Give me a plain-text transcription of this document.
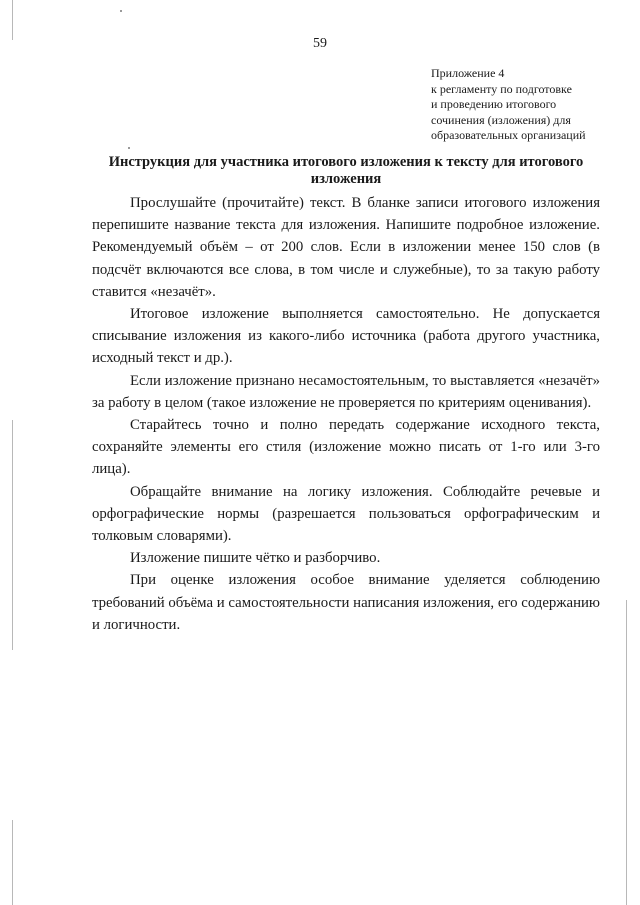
59
Приложение 4
к регламенту по подготовке
и проведению итогового
сочинения (изложения) для
образовательных организаций
Инструкция для участника итогового изложения к тексту для итогового изложения

Прослушайте (прочитайте) текст. В бланке записи итогового изложения перепишите название текста для изложения. Напишите подробное изложение. Рекомендуемый объём – от 200 слов. Если в изложении менее 150 слов (в подсчёт включаются все слова, в том числе и служебные), то за такую работу ставится «незачёт».

Итоговое изложение выполняется самостоятельно. Не допускается списывание изложения из какого-либо источника (работа другого участника, исходный текст и др.).

Если изложение признано несамостоятельным, то выставляется «незачёт» за работу в целом (такое изложение не проверяется по критериям оценивания).

Старайтесь точно и полно передать содержание исходного текста, сохраняйте элементы его стиля (изложение можно писать от 1-го или 3-го лица).

Обращайте внимание на логику изложения. Соблюдайте речевые и орфографические нормы (разрешается пользоваться орфографическим и толковым словарями).

Изложение пишите чётко и разборчиво.

При оценке изложения особое внимание уделяется соблюдению требований объёма и самостоятельности написания изложения, его содержанию и логичности.
